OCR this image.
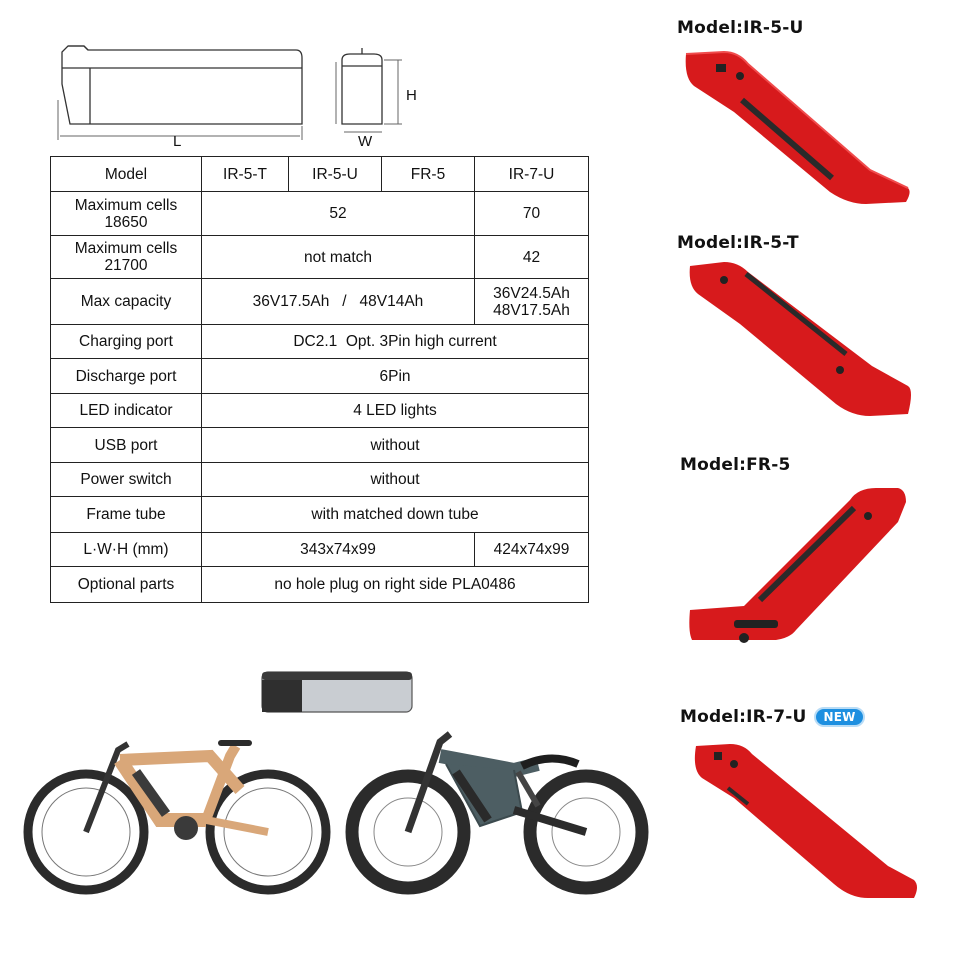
L
H
W
Model	IR-5-T	IR-5-U	FR-5	IR-7-U

Maximum cells
18650	52			70

Maximum cells
21700	not match			42
Max capacity	36V17.5Ah   /   48V14Ah			36V24.5Ah
48V17.5Ah

Charging port	DC2.1  Opt. 3Pin high current			
Discharge port	6Pin			
LED indicator	4 LED lights			
USB port	without			
Power switch	without			
Frame tube	with matched down tube			
L·W·H (mm)	343x74x99			424x74x99
Optional parts	no hole plug on right side PLA0486			
Model:IR-5-U
Model:IR-5-T
Model:FR-5
Model:IR-7-U NEW
